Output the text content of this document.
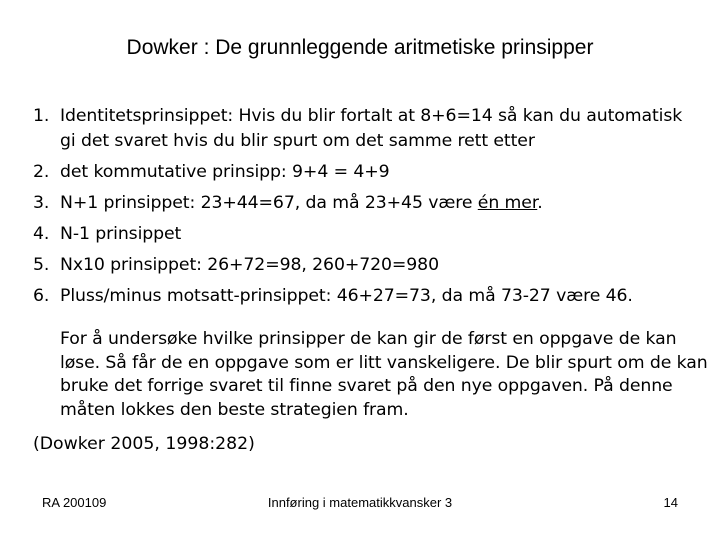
Dowker : De grunnleggende aritmetiske prinsipper
1. Identitetsprinsippet: Hvis du blir fortalt at 8+6=14 så kan du automatisk gi det svaret hvis du blir spurt om det samme rett etter
2. det kommutative prinsipp: 9+4 = 4+9
3. N+1 prinsippet: 23+44=67, da må 23+45 være én mer.
4. N-1 prinsippet
5. Nx10 prinsippet: 26+72=98, 260+720=980
6. Pluss/minus motsatt-prinsippet: 46+27=73, da må 73-27 være 46.

For å undersøke hvilke prinsipper de kan gir de først en oppgave de kan løse. Så får de en oppgave som er litt vanskeligere. De blir spurt om de kan bruke det forrige svaret til finne svaret på den nye oppgaven. På denne måten lokkes den beste strategien fram.

(Dowker 2005, 1998:282)
RA 200109	Innføring i matematikkvansker 3	14
